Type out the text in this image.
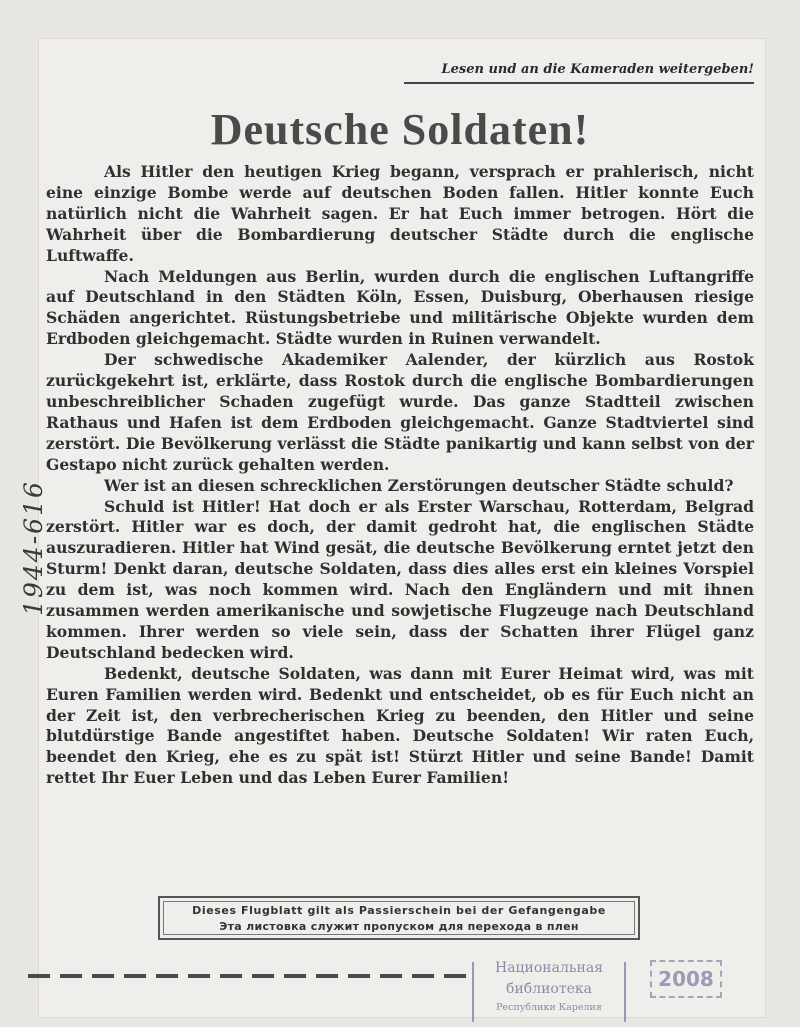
Lesen und an die Kameraden weitergeben!
Deutsche Soldaten!

Als Hitler den heutigen Krieg begann, versprach er prahlerisch, nicht eine einzige Bombe werde auf deutschen Boden fallen. Hitler konnte Euch natürlich nicht die Wahrheit sagen. Er hat Euch immer betrogen. Hört die Wahrheit über die Bombardierung deutscher Städte durch die englische Luftwaffe.

Nach Meldungen aus Berlin, wurden durch die englischen Luftangriffe auf Deutschland in den Städten Köln, Essen, Duisburg, Oberhausen riesige Schäden angerichtet. Rüstungsbetriebe und militärische Objekte wurden dem Erdboden gleichgemacht. Städte wurden in Ruinen verwandelt.

Der schwedische Akademiker Aalender, der kürzlich aus Rostok zurückgekehrt ist, erklärte, dass Rostok durch die englische Bombardierungen unbeschreiblicher Schaden zugefügt wurde. Das ganze Stadtteil zwischen Rathaus und Hafen ist dem Erdboden gleichgemacht. Ganze Stadtviertel sind zerstört. Die Bevölkerung verlässt die Städte panikartig und kann selbst von der Gestapo nicht zurück gehalten werden.

Wer ist an diesen schrecklichen Zerstörungen deutscher Städte schuld?

Schuld ist Hitler! Hat doch er als Erster Warschau, Rotterdam, Belgrad zerstört. Hitler war es doch, der damit gedroht hat, die englischen Städte auszuradieren. Hitler hat Wind gesät, die deutsche Bevölkerung erntet jetzt den Sturm! Denkt daran, deutsche Soldaten, dass dies alles erst ein kleines Vorspiel zu dem ist, was noch kommen wird. Nach den Engländern und mit ihnen zusammen werden amerikanische und sowjetische Flugzeuge nach Deutschland kommen. Ihrer werden so viele sein, dass der Schatten ihrer Flügel ganz Deutschland bedecken wird.

Bedenkt, deutsche Soldaten, was dann mit Eurer Heimat wird, was mit Euren Familien werden wird. Bedenkt und entscheidet, ob es für Euch nicht an der Zeit ist, den verbrecherischen Krieg zu beenden, den Hitler und seine blutdürstige Bande angestiftet haben. Deutsche Soldaten! Wir raten Euch, beendet den Krieg, ehe es zu spät ist! Stürzt Hitler und seine Bande! Damit rettet Ihr Euer Leben und das Leben Eurer Familien!

Dieses Flugblatt gilt als Passierschein bei der Gefangengabe
Эта листовка служит пропуском для перехода в плен
Национальная
библиотека
Республики Карелия
2008
1944-616
